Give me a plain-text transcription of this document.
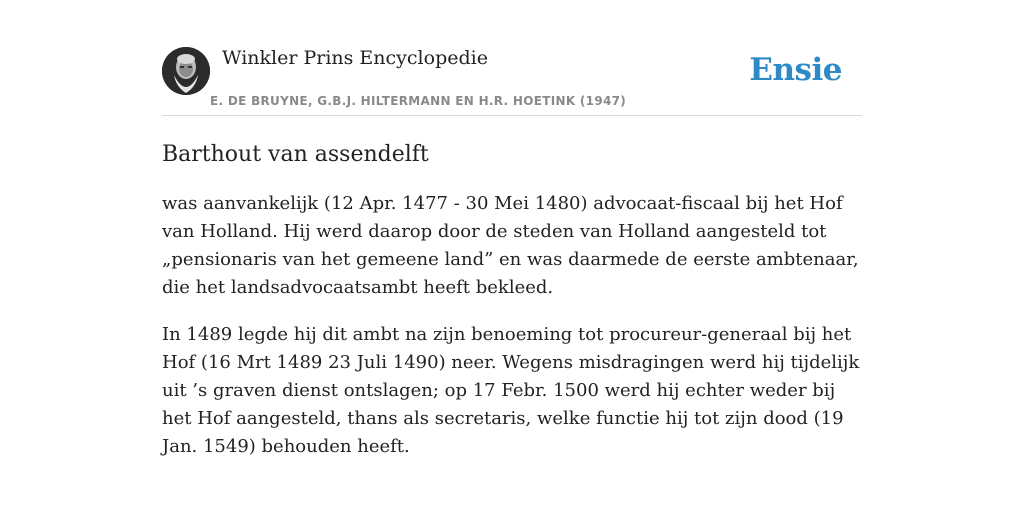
Winkler Prins Encyclopedie
E. DE BRUYNE, G.B.J. HILTERMANN EN H.R. HOETINK (1947)
Ensie
Barthout van assendelft

was aanvankelijk (12 Apr. 1477 - 30 Mei 1480) advocaat-fiscaal bij het Hof van Holland. Hij werd daarop door de steden van Holland aangesteld tot „pensionaris van het gemeene land” en was daarmede de eerste ambtenaar, die het landsadvocaatsambt heeft bekleed.

In 1489 legde hij dit ambt na zijn benoeming tot procureur-generaal bij het Hof (16 Mrt 1489 23 Juli 1490) neer. Wegens misdragingen werd hij tijdelijk uit ’s graven dienst ontslagen; op 17 Febr. 1500 werd hij echter weder bij het Hof aangesteld, thans als secretaris, welke functie hij tot zijn dood (19 Jan. 1549) behouden heeft.
